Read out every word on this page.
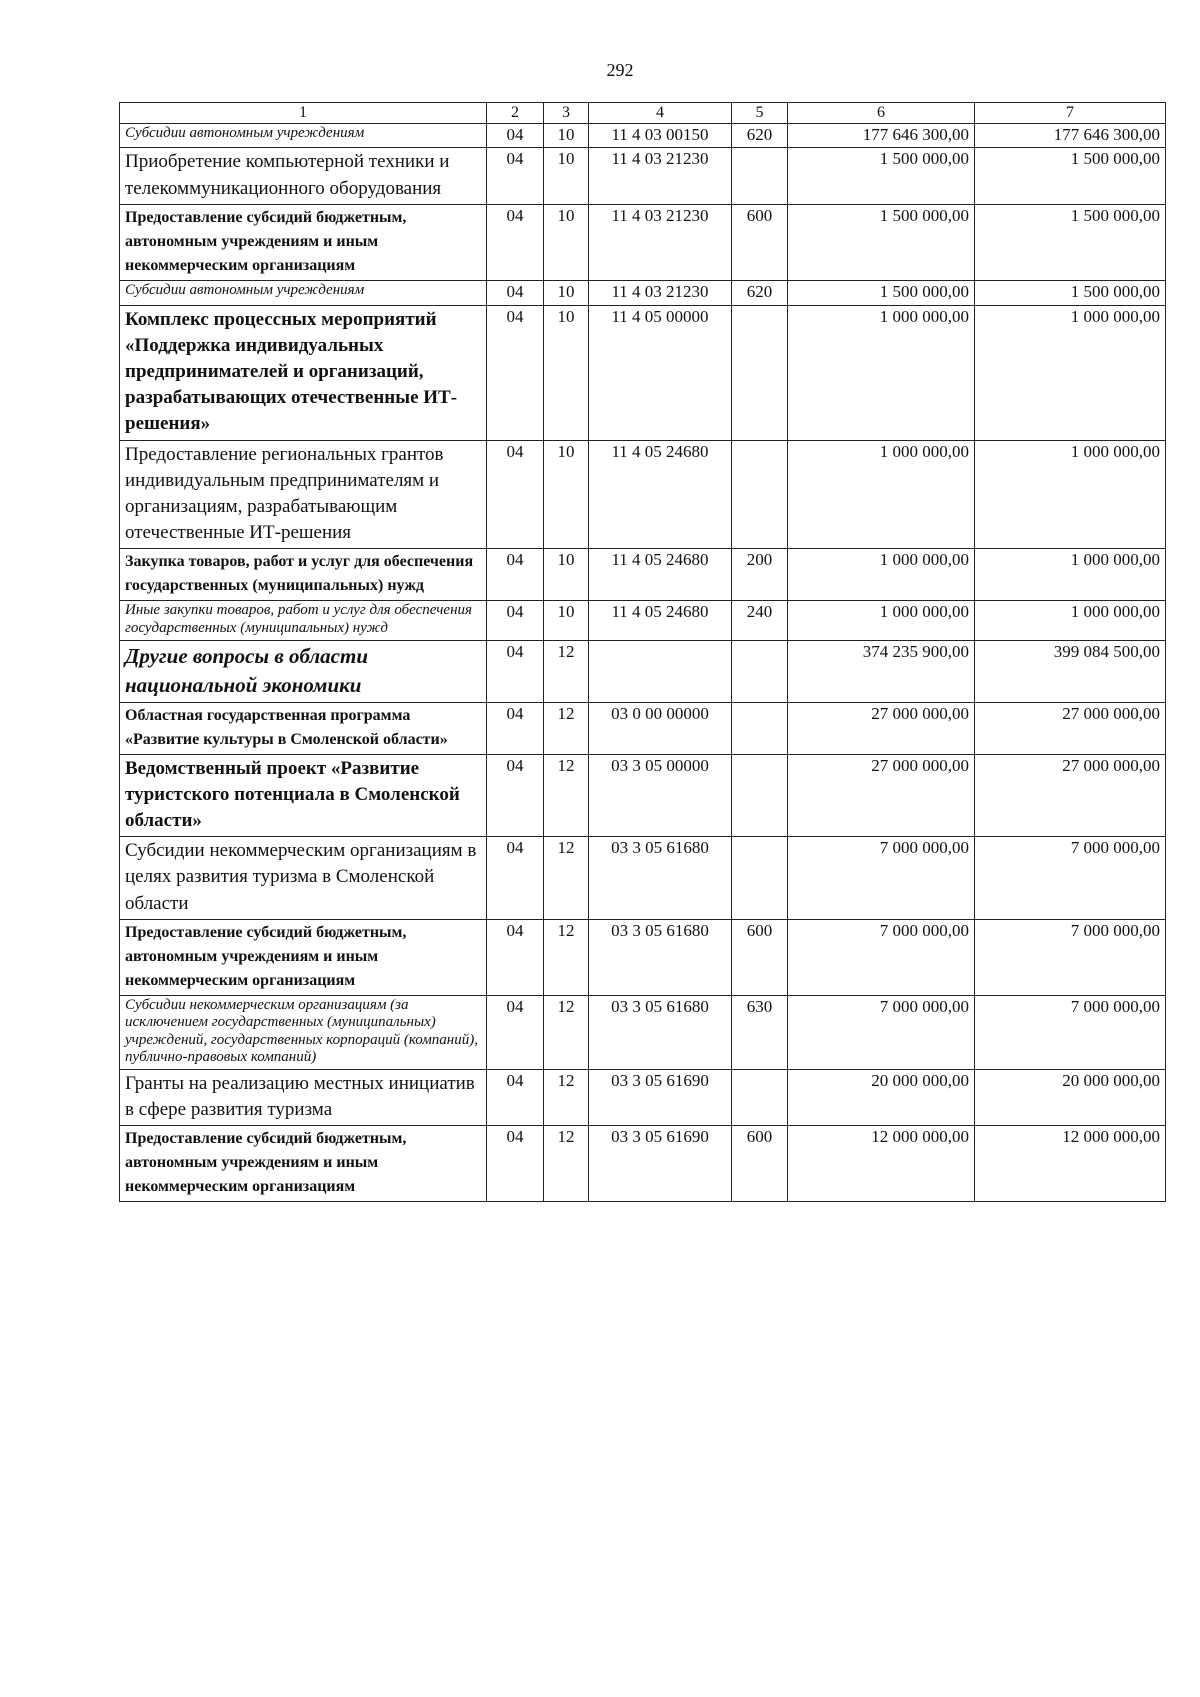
292
1	2	3	4	5	6	7

Субсидии автономным учреждениям	04	10	11 4 03 00150	620	177 646 300,00	177 646 300,00

Приобретение компьютерной техники и телекоммуникационного оборудования	04	10	11 4 03 21230		1 500 000,00	1 500 000,00

Предоставление субсидий бюджетным, автономным учреждениям и иным некоммерческим организациям	04	10	11 4 03 21230	600	1 500 000,00	1 500 000,00

Субсидии автономным учреждениям	04	10	11 4 03 21230	620	1 500 000,00	1 500 000,00

Комплекс процессных мероприятий «Поддержка индивидуальных предпринимателей и организаций, разрабатывающих отечественные ИТ-решения»	04	10	11 4 05 00000		1 000 000,00	1 000 000,00

Предоставление региональных грантов индивидуальным предпринимателям и организациям, разрабатывающим отечественные ИТ-решения	04	10	11 4 05 24680		1 000 000,00	1 000 000,00

Закупка товаров, работ и услуг для обеспечения государственных (муниципальных) нужд	04	10	11 4 05 24680	200	1 000 000,00	1 000 000,00

Иные закупки товаров, работ и услуг для обеспечения государственных (муниципальных) нужд	04	10	11 4 05 24680	240	1 000 000,00	1 000 000,00

Другие вопросы в области национальной экономики	04	12			374 235 900,00	399 084 500,00

Областная государственная программа «Развитие культуры в Смоленской области»	04	12	03 0 00 00000		27 000 000,00	27 000 000,00

Ведомственный проект «Развитие туристского потенциала в Смоленской области»	04	12	03 3 05 00000		27 000 000,00	27 000 000,00

Субсидии некоммерческим организациям в целях развития туризма в Смоленской области	04	12	03 3 05 61680		7 000 000,00	7 000 000,00

Предоставление субсидий бюджетным, автономным учреждениям и иным некоммерческим организациям	04	12	03 3 05 61680	600	7 000 000,00	7 000 000,00

Субсидии некоммерческим организациям (за исключением государственных (муниципальных) учреждений, государственных корпораций (компаний), публично-правовых компаний)	04	12	03 3 05 61680	630	7 000 000,00	7 000 000,00

Гранты на реализацию местных инициатив в сфере развития туризма	04	12	03 3 05 61690		20 000 000,00	20 000 000,00

Предоставление субсидий бюджетным, автономным учреждениям и иным некоммерческим организациям	04	12	03 3 05 61690	600	12 000 000,00	12 000 000,00
